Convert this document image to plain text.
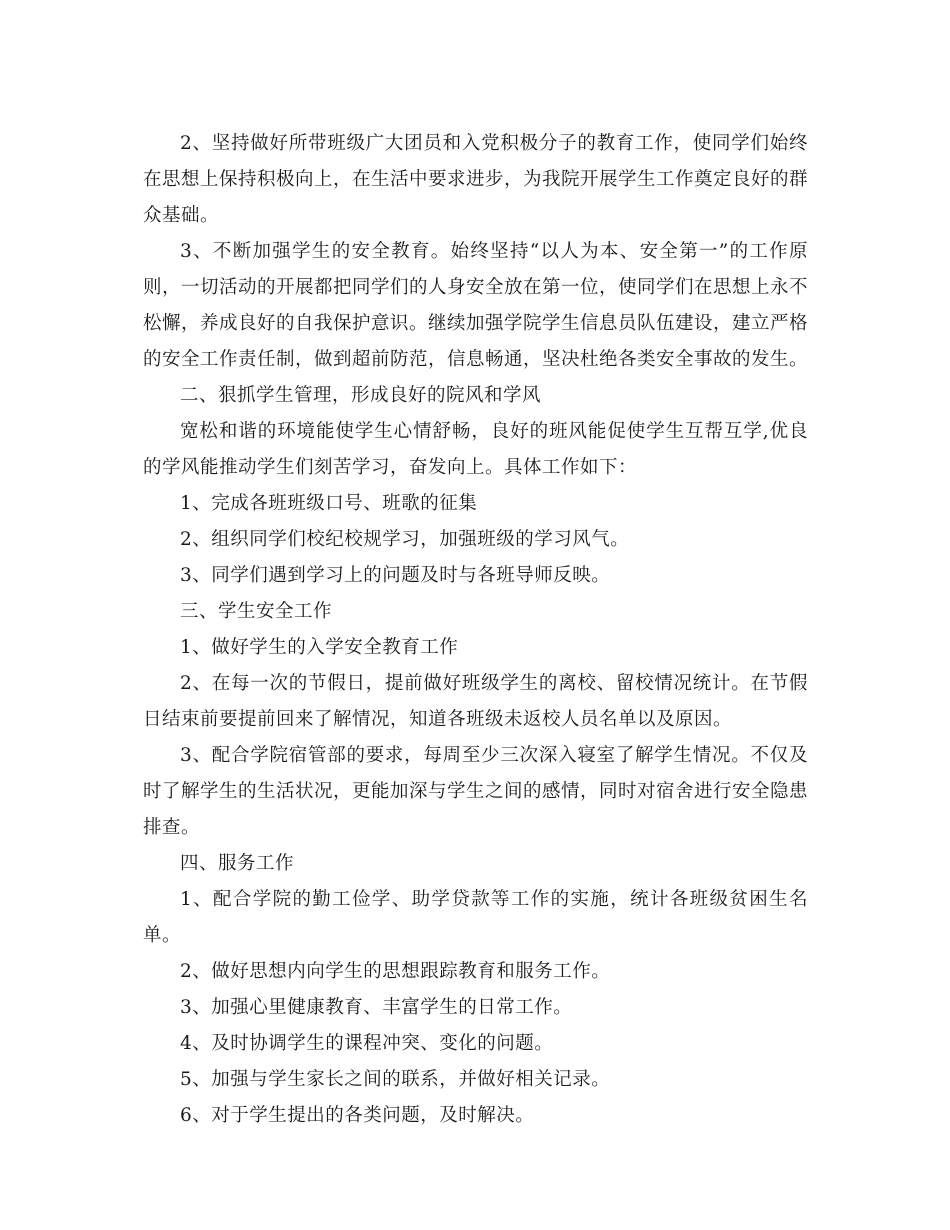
2、坚持做好所带班级广大团员和入党积极分子的教育工作，使同学们始终在思想上保持积极向上，在生活中要求进步，为我院开展学生工作奠定良好的群众基础。

3、不断加强学生的安全教育。始终坚持“以人为本、安全第一”的工作原则，一切活动的开展都把同学们的人身安全放在第一位，使同学们在思想上永不松懈，养成良好的自我保护意识。继续加强学院学生信息员队伍建设，建立严格的安全工作责任制，做到超前防范，信息畅通，坚决杜绝各类安全事故的发生。

二、狠抓学生管理，形成良好的院风和学风

宽松和谐的环境能使学生心情舒畅，良好的班风能促使学生互帮互学,优良的学风能推动学生们刻苦学习，奋发向上。具体工作如下：

1、完成各班班级口号、班歌的征集

2、组织同学们校纪校规学习，加强班级的学习风气。

3、同学们遇到学习上的问题及时与各班导师反映。

三、学生安全工作

1、做好学生的入学安全教育工作

2、在每一次的节假日，提前做好班级学生的离校、留校情况统计。在节假日结束前要提前回来了解情况，知道各班级未返校人员名单以及原因。

3、配合学院宿管部的要求，每周至少三次深入寝室了解学生情况。不仅及时了解学生的生活状况，更能加深与学生之间的感情，同时对宿舍进行安全隐患排查。

四、服务工作

1、配合学院的勤工俭学、助学贷款等工作的实施，统计各班级贫困生名单。

2、做好思想内向学生的思想跟踪教育和服务工作。

3、加强心里健康教育、丰富学生的日常工作。

4、及时协调学生的课程冲突、变化的问题。

5、加强与学生家长之间的联系，并做好相关记录。

6、对于学生提出的各类问题，及时解决。
